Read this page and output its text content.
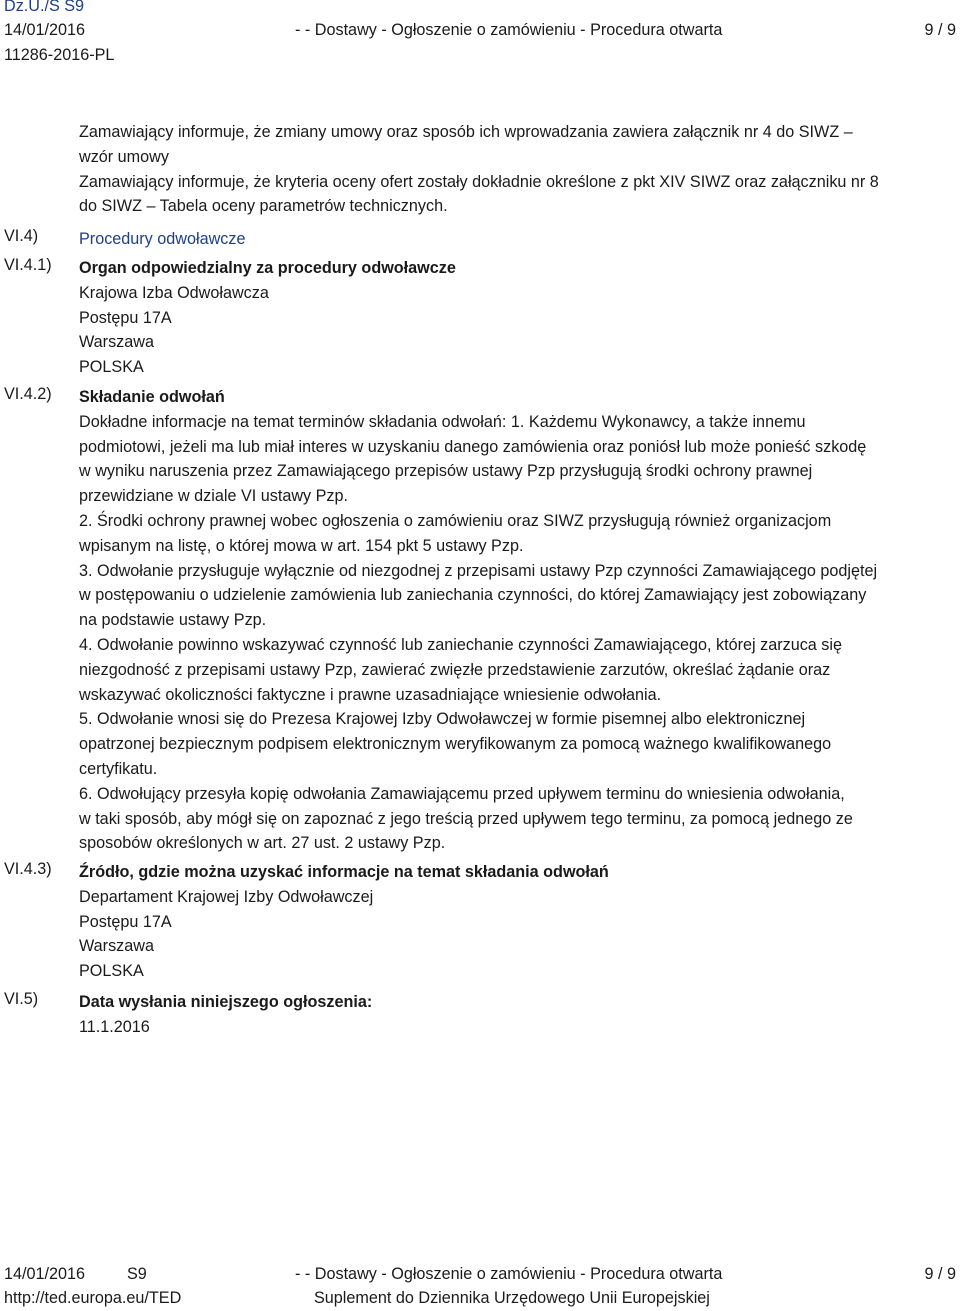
Dz.U./S S9
14/01/2016
11286-2016-PL
- - Dostawy - Ogłoszenie o zamówieniu - Procedura otwarta	9 / 9
VI.4)
VI.4.1)
VI.4.2)
VI.4.3)
VI.5)
Zamawiający informuje, że zmiany umowy oraz sposób ich wprowadzania zawiera załącznik nr 4 do SIWZ –
wzór umowy
Zamawiający informuje, że kryteria oceny ofert zostały dokładnie określone z pkt XIV SIWZ oraz załączniku nr 8
do SIWZ – Tabela oceny parametrów technicznych.
Procedury odwoławcze
Organ odpowiedzialny za procedury odwoławcze
Krajowa Izba Odwoławcza
Postępu 17A
Warszawa
POLSKA
Składanie odwołań
Dokładne informacje na temat terminów składania odwołań: 1. Każdemu Wykonawcy, a także innemu
podmiotowi, jeżeli ma lub miał interes w uzyskaniu danego zamówienia oraz poniósł lub może ponieść szkodę
w wyniku naruszenia przez Zamawiającego przepisów ustawy Pzp przysługują środki ochrony prawnej
przewidziane w dziale VI ustawy Pzp.
2. Środki ochrony prawnej wobec ogłoszenia o zamówieniu oraz SIWZ przysługują również organizacjom
wpisanym na listę, o której mowa w art. 154 pkt 5 ustawy Pzp.
3. Odwołanie przysługuje wyłącznie od niezgodnej z przepisami ustawy Pzp czynności Zamawiającego podjętej
w postępowaniu o udzielenie zamówienia lub zaniechania czynności, do której Zamawiający jest zobowiązany
na podstawie ustawy Pzp.
4. Odwołanie powinno wskazywać czynność lub zaniechanie czynności Zamawiającego, której zarzuca się
niezgodność z przepisami ustawy Pzp, zawierać zwięzłe przedstawienie zarzutów, określać żądanie oraz
wskazywać okoliczności faktyczne i prawne uzasadniające wniesienie odwołania.
5. Odwołanie wnosi się do Prezesa Krajowej Izby Odwoławczej w formie pisemnej albo elektronicznej
opatrzonej bezpiecznym podpisem elektronicznym weryfikowanym za pomocą ważnego kwalifikowanego
certyfikatu.
6. Odwołujący przesyła kopię odwołania Zamawiającemu przed upływem terminu do wniesienia odwołania,
w taki sposób, aby mógł się on zapoznać z jego treścią przed upływem tego terminu, za pomocą jednego ze
sposobów określonych w art. 27 ust. 2 ustawy Pzp.
Źródło, gdzie można uzyskać informacje na temat składania odwołań
Departament Krajowej Izby Odwoławczej
Postępu 17A
Warszawa
POLSKA
Data wysłania niniejszego ogłoszenia:
11.1.2016
14/01/2016	S9
http://ted.europa.eu/TED
- - Dostawy - Ogłoszenie o zamówieniu - Procedura otwarta
Suplement do Dziennika Urzędowego Unii Europejskiej
9 / 9
